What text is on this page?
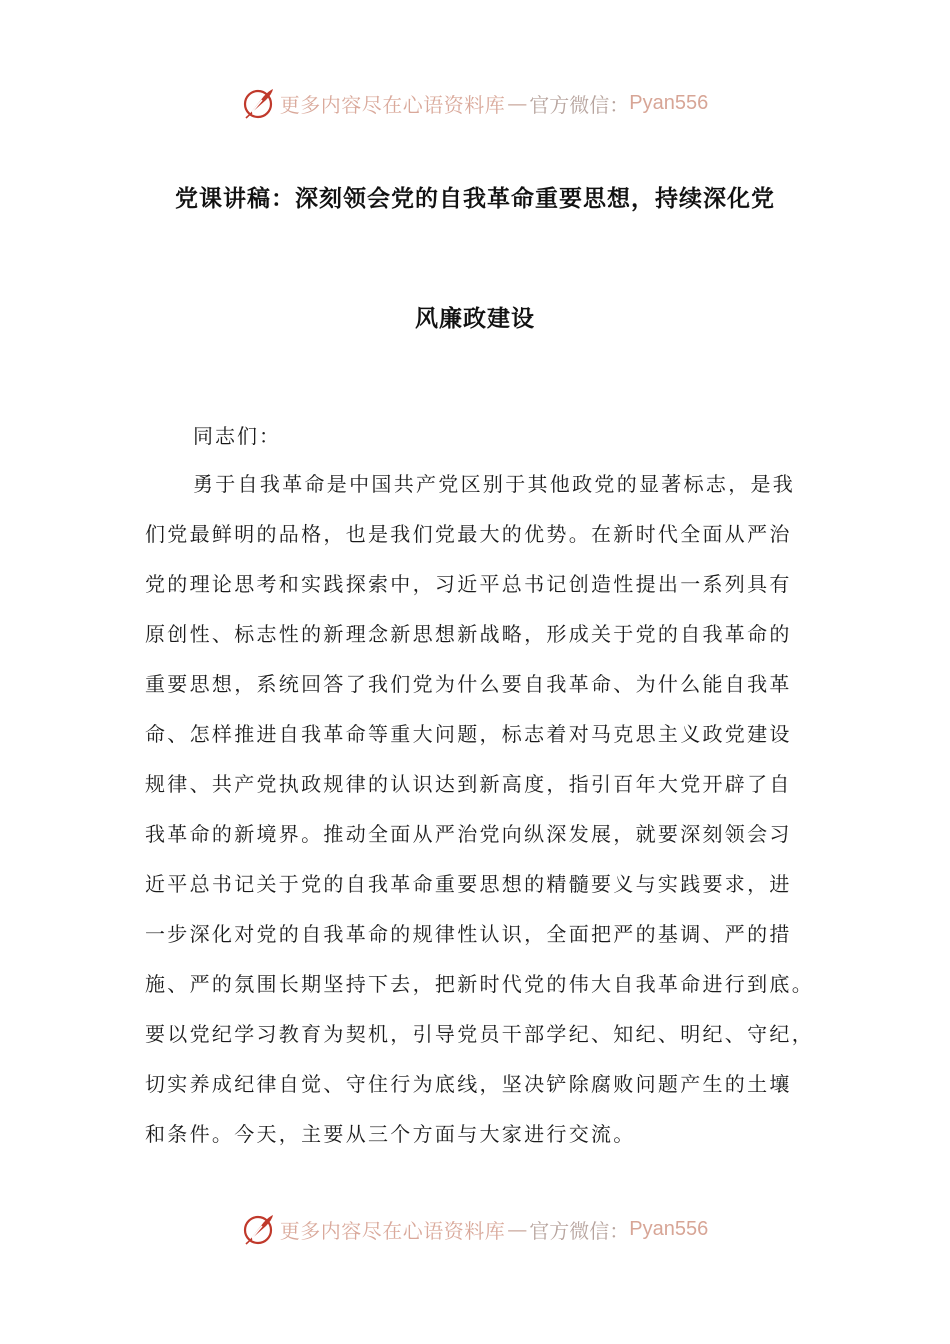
更多内容尽在心语资料库 — 官方微信： Pyan556
党课讲稿：深刻领会党的自我革命重要思想，持续深化党
风廉政建设
同志们：
勇于自我革命是中国共产党区别于其他政党的显著标志，是我
们党最鲜明的品格，也是我们党最大的优势。在新时代全面从严治
党的理论思考和实践探索中，习近平总书记创造性提出一系列具有
原创性、标志性的新理念新思想新战略，形成关于党的自我革命的
重要思想，系统回答了我们党为什么要自我革命、为什么能自我革
命、怎样推进自我革命等重大问题，标志着对马克思主义政党建设
规律、共产党执政规律的认识达到新高度，指引百年大党开辟了自
我革命的新境界。推动全面从严治党向纵深发展，就要深刻领会习
近平总书记关于党的自我革命重要思想的精髓要义与实践要求，进
一步深化对党的自我革命的规律性认识，全面把严的基调、严的措
施、严的氛围长期坚持下去，把新时代党的伟大自我革命进行到底。
要以党纪学习教育为契机，引导党员干部学纪、知纪、明纪、守纪，
切实养成纪律自觉、守住行为底线，坚决铲除腐败问题产生的土壤
和条件。今天，主要从三个方面与大家进行交流。
更多内容尽在心语资料库 — 官方微信： Pyan556
